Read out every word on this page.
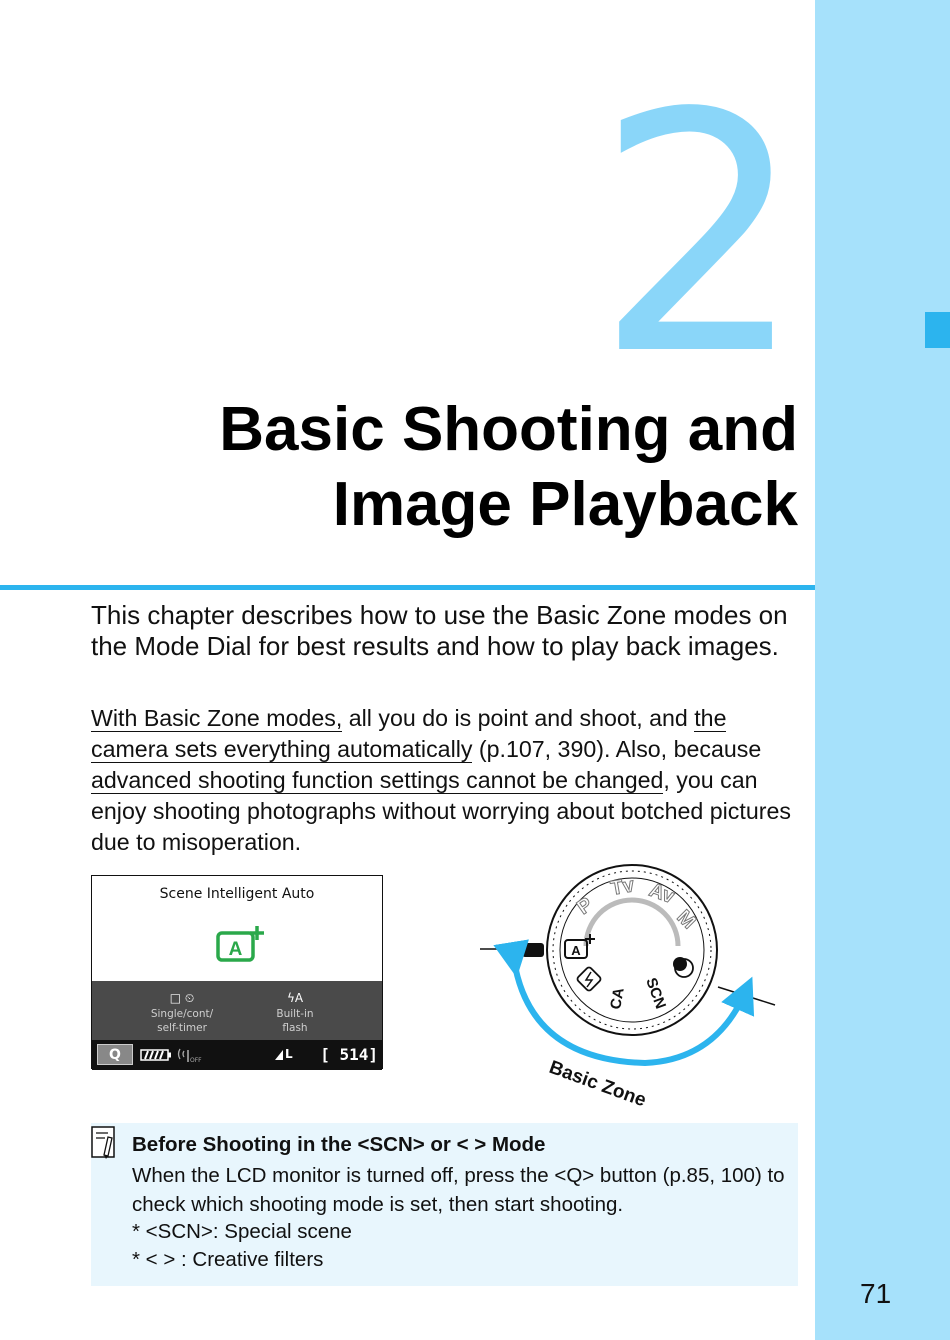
2
Basic Shooting and
Image Playback

This chapter describes how to use the Basic Zone modes on the Mode Dial for best results and how to play back images.

With Basic Zone modes, all you do is point and shoot, and the camera sets everything automatically (p.107, 390). Also, because advanced shooting function settings cannot be changed, you can enjoy shooting photographs without worrying about botched pictures due to misoperation.

Scene Intelligent Auto
A
□ ⏲
Single/cont/
self-timer
ϟA
Built-in
flash
Q	OFF	L [ 514]
P
Tv Av
M
SCN
CA
A
Basic Zone
Before Shooting in the <SCN> or < > Mode

When the LCD monitor is turned off, press the <Q> button (p.85, 100) to check which shooting mode is set, then start shooting.

* <SCN>: Special scene
* < > : Creative filters
71
